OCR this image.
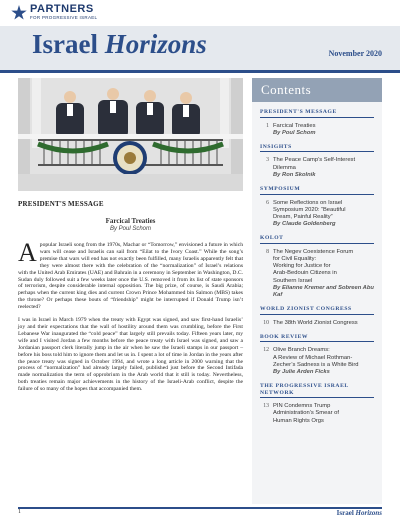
PARTNERS
FOR PROGRESSIVE ISRAEL
Israel Horizons	November 2020
PRESIDENT'S MESSAGE
Farcical Treaties
By Poul Schom

Apopular Israeli song from the 1970s, Machar or “Tomorrow,” envisioned a future in which wars will cease and Israelis can sail from “Eilat to the Ivory Coast.” While the song’s premise that wars will end has not exactly been fulfilled, many Israelis apparently felt that they were almost there with the celebration of the “normalization” of Israel’s relations with the United Arab Emirates (UAE) and Bahrain in a ceremony in September in Washington, D.C. Sudan duly followed suit a few weeks later once the U.S. removed it from its list of state sponsors of terrorism, despite considerable internal opposition. The big prize, of course, is Saudi Arabia; perhaps when the current king dies and current Crown Prince Mohammed bin Salmon (MBS) takes the throne? Or perhaps these bouts of “friendship” might be interrupted if Donald Trump isn’t reelected?

I was in Israel in March 1979 when the treaty with Egypt was signed, and saw first-hand Israelis’ joy and their expectations that the wall of hostility around them was crumbling, before the First Lebanese War inaugurated the “cold peace” that largely still prevails today. Fifteen years later, my wife and I visited Jordan a few months before the peace treaty with Israel was signed, and saw a Jordanian passport clerk literally jump in the air when he saw the Israeli stamps in our passport – before his boss told him to ignore them and let us in. I spent a lot of time in Jordan in the years after the peace treaty was signed in October 1994, and wrote a long article in 2000 warning that the process of “normalization” had already largely failed, published just before the Second Intifada made normalization the term of opprobrium in the Arab world that it still is today. Nevertheless, both treaties remain major achievements in the history of the Israeli-Arab conflict, despite the failure of so many of the hopes that accompanied them.

Contents
PRESIDENT'S MESSAGE
1 Farcical Treaties
By Poul Schom
INSIGHTS
3 The Peace Camp’s Self-Interest
Dilemma
By Ron Skolnik
SYMPOSIUM
6 Some Reflections on Israel
Symposium 2020: “Beautiful
Dream, Painful Reality”
By Claude Goldenberg
KOLOT
8 The Negev Coexistence Forum
for Civil Equality:
Working for Justice for
Arab-Bedouin Citizens in
Southern Israel
By Elianne Kremer and Sobreen Abu Kaf
WORLD ZIONIST CONGRESS
10 The 38th World Zionist Congress
BOOK REVIEW
12 Olive Branch Dreams:
A Review of Michael Rothman-
Zecher’s Sadness is a White Bird
By Julie Arden Ficks
THE PROGRESSIVE ISRAEL NETWORK
13 PIN Condemns Trump
Administration’s Smear of
Human Rights Orgs
1	Israel Horizons
